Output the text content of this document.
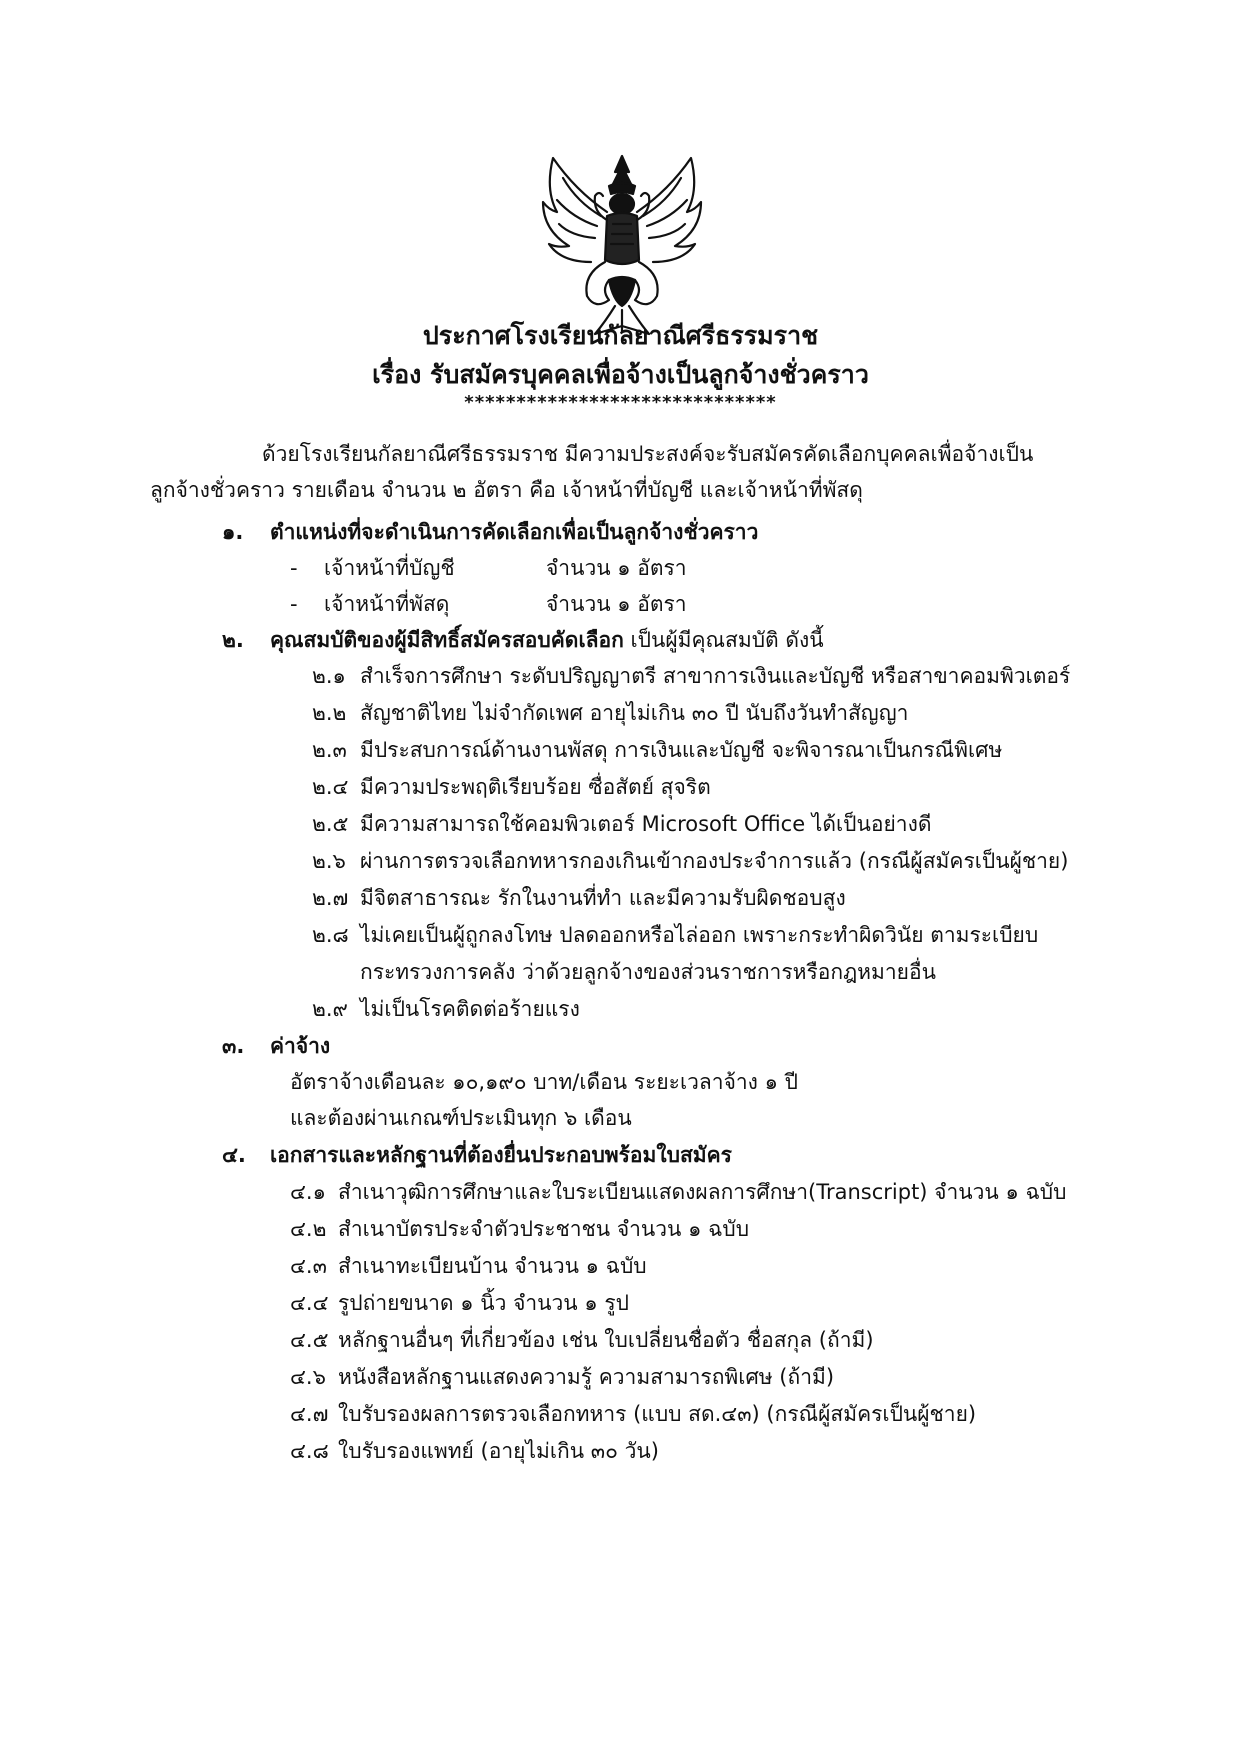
ประกาศโรงเรียนกัลยาณีศรีธรรมราช
เรื่อง รับสมัครบุคคลเพื่อจ้างเป็นลูกจ้างชั่วคราว
******************************
ด้วยโรงเรียนกัลยาณีศรีธรรมราช มีความประสงค์จะรับสมัครคัดเลือกบุคคลเพื่อจ้างเป็น
ลูกจ้างชั่วคราว รายเดือน จำนวน ๒ อัตรา คือ เจ้าหน้าที่บัญชี และเจ้าหน้าที่พัสดุ
๑. ตำแหน่งที่จะดำเนินการคัดเลือกเพื่อเป็นลูกจ้างชั่วคราว
- เจ้าหน้าที่บัญชี	จำนวน ๑ อัตรา
- เจ้าหน้าที่พัสดุ	จำนวน ๑ อัตรา
๒. คุณสมบัติของผู้มีสิทธิ์สมัครสอบคัดเลือก เป็นผู้มีคุณสมบัติ ดังนี้
๒.๑ สำเร็จการศึกษา ระดับปริญญาตรี สาขาการเงินและบัญชี หรือสาขาคอมพิวเตอร์
๒.๒ สัญชาติไทย ไม่จำกัดเพศ อายุไม่เกิน ๓๐ ปี นับถึงวันทำสัญญา
๒.๓ มีประสบการณ์ด้านงานพัสดุ การเงินและบัญชี จะพิจารณาเป็นกรณีพิเศษ
๒.๔ มีความประพฤติเรียบร้อย ซื่อสัตย์ สุจริต
๒.๕ มีความสามารถใช้คอมพิวเตอร์ Microsoft Office ได้เป็นอย่างดี
๒.๖ ผ่านการตรวจเลือกทหารกองเกินเข้ากองประจำการแล้ว (กรณีผู้สมัครเป็นผู้ชาย)
๒.๗ มีจิตสาธารณะ รักในงานที่ทำ และมีความรับผิดชอบสูง
๒.๘ ไม่เคยเป็นผู้ถูกลงโทษ ปลดออกหรือไล่ออก เพราะกระทำผิดวินัย ตามระเบียบ
กระทรวงการคลัง ว่าด้วยลูกจ้างของส่วนราชการหรือกฎหมายอื่น
๒.๙ ไม่เป็นโรคติดต่อร้ายแรง
๓. ค่าจ้าง
อัตราจ้างเดือนละ ๑๐,๑๙๐ บาท/เดือน ระยะเวลาจ้าง ๑ ปี
และต้องผ่านเกณฑ์ประเมินทุก ๖ เดือน
๔. เอกสารและหลักฐานที่ต้องยื่นประกอบพร้อมใบสมัคร
๔.๑ สำเนาวุฒิการศึกษาและใบระเบียนแสดงผลการศึกษา(Transcript) จำนวน ๑ ฉบับ
๔.๒ สำเนาบัตรประจำตัวประชาชน จำนวน ๑ ฉบับ
๔.๓ สำเนาทะเบียนบ้าน จำนวน ๑ ฉบับ
๔.๔ รูปถ่ายขนาด ๑ นิ้ว จำนวน ๑ รูป
๔.๕ หลักฐานอื่นๆ ที่เกี่ยวข้อง เช่น ใบเปลี่ยนชื่อตัว ชื่อสกุล (ถ้ามี)
๔.๖ หนังสือหลักฐานแสดงความรู้ ความสามารถพิเศษ (ถ้ามี)
๔.๗ ใบรับรองผลการตรวจเลือกทหาร (แบบ สด.๔๓) (กรณีผู้สมัครเป็นผู้ชาย)
๔.๘ ใบรับรองแพทย์ (อายุไม่เกิน ๓๐ วัน)
